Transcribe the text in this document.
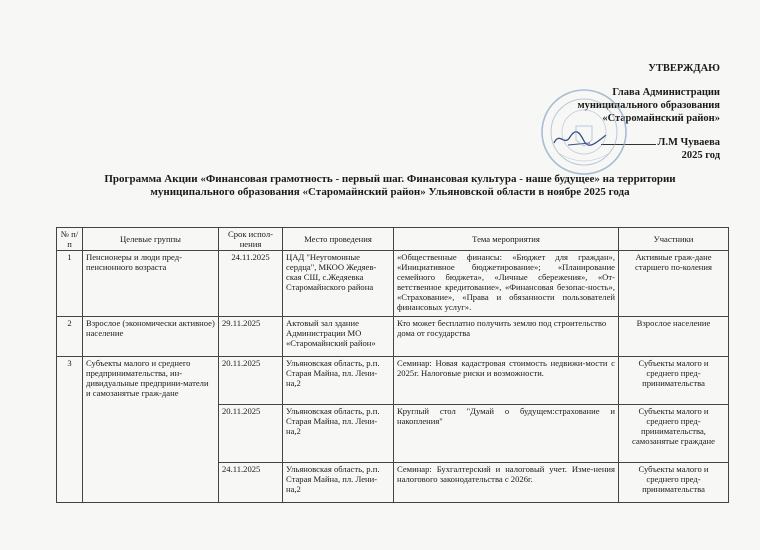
УТВЕРЖДАЮ
Глава Администрации
муниципального образования
«Старомайнский район»
Л.М Чуваева
2025 год
Программа Акции «Финансовая грамотность - первый шаг. Финансовая культура - наше будущее» на территории
муниципального образования «Старомайнский район» Ульяновской области в ноябре 2025 года
№ п/п	Целевые группы	Срок испол-нения	Место проведения	Тема мероприятия	Участники
1	Пенсионеры и люди пред-пенсионного возраста	24.11.2025	ЦАД "Неугомонные сердца", МКОО Жедяев-ская СШ, с.Жедяевка Старомайнского района	«Общественные финансы: «Бюджет для граждан», «Инициативное бюджетирование»; «Планирование семейного бюджета», «Личные сбережения», «От-ветственное кредитование», «Финансовая безопас-ность», «Страхование», «Права и обязанности пользователей финансовых услуг».	Активные граж-дане старшего по-коления
2	Взрослое (экономически активное) население	29.11.2025	Актовый зал здание Администрации МО «Старомайнский район»	Кто может бесплатно получить землю под строительство дома от государства	Взрослое население
3	Субъекты малого и среднего предпринимательства, ин-дивидуальные предприни-матели и самозанятые граж-дане	20.11.2025	Ульяновская область, р.п. Старая Майна, пл. Лени-на,2	Семинар: Новая кадастровая стоимость недвижи-мости с 2025г. Налоговые риски и возможности.	Субъекты малого и среднего пред-принимательства
		20.11.2025	Ульяновская область, р.п. Старая Майна, пл. Лени-на,2	Круглый стол "Думай о будущем:страхование и накопления"	Субъекты малого и среднего пред-принимательства, самозанятые граждане
		24.11.2025	Ульяновская область, р.п. Старая Майна, пл. Лени-на,2	Семинар: Бухгалтерский и налоговый учет. Изме-нения налогового законодательства с 2026г.	Субъекты малого и среднего пред-принимательства
